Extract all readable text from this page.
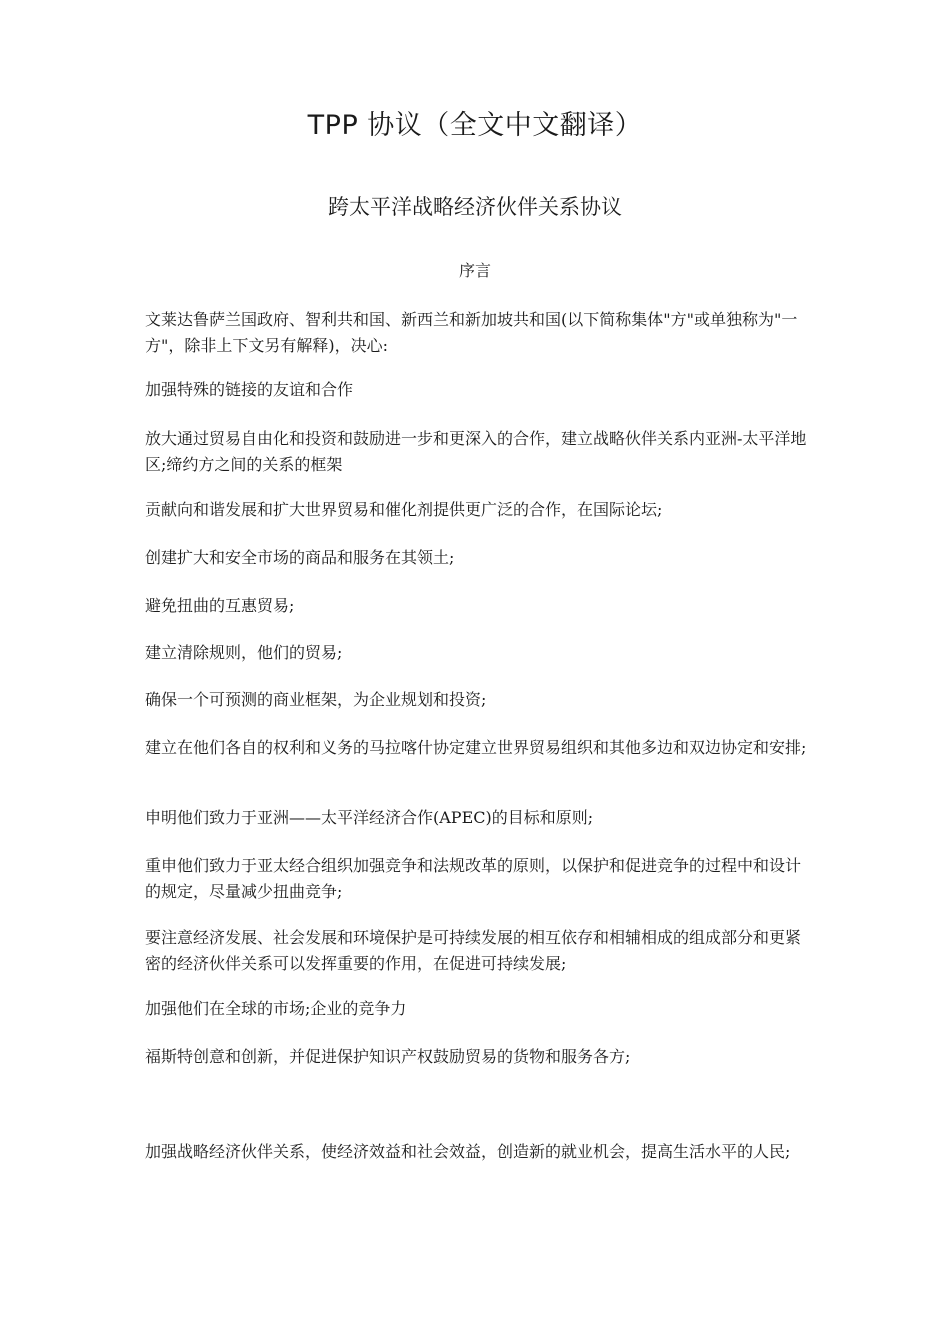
TPP 协议（全文中文翻译）
跨太平洋战略经济伙伴关系协议
序言

文莱达鲁萨兰国政府、智利共和国、新西兰和新加坡共和国(以下简称集体"方"或单独称为"一方"，除非上下文另有解释)，决心:

加强特殊的链接的友谊和合作

放大通过贸易自由化和投资和鼓励进一步和更深入的合作，建立战略伙伴关系内亚洲-太平洋地区;缔约方之间的关系的框架

贡献向和谐发展和扩大世界贸易和催化剂提供更广泛的合作，在国际论坛;

创建扩大和安全市场的商品和服务在其领土;

避免扭曲的互惠贸易;

建立清除规则，他们的贸易;

确保一个可预测的商业框架，为企业规划和投资;

建立在他们各自的权利和义务的马拉喀什协定建立世界贸易组织和其他多边和双边协定和安排;

申明他们致力于亚洲——太平洋经济合作(APEC)的目标和原则;

重申他们致力于亚太经合组织加强竞争和法规改革的原则，以保护和促进竞争的过程中和设计的规定，尽量减少扭曲竞争;

要注意经济发展、社会发展和环境保护是可持续发展的相互依存和相辅相成的组成部分和更紧密的经济伙伴关系可以发挥重要的作用，在促进可持续发展;

加强他们在全球的市场;企业的竞争力

福斯特创意和创新，并促进保护知识产权鼓励贸易的货物和服务各方;

加强战略经济伙伴关系，使经济效益和社会效益，创造新的就业机会，提高生活水平的人民;
